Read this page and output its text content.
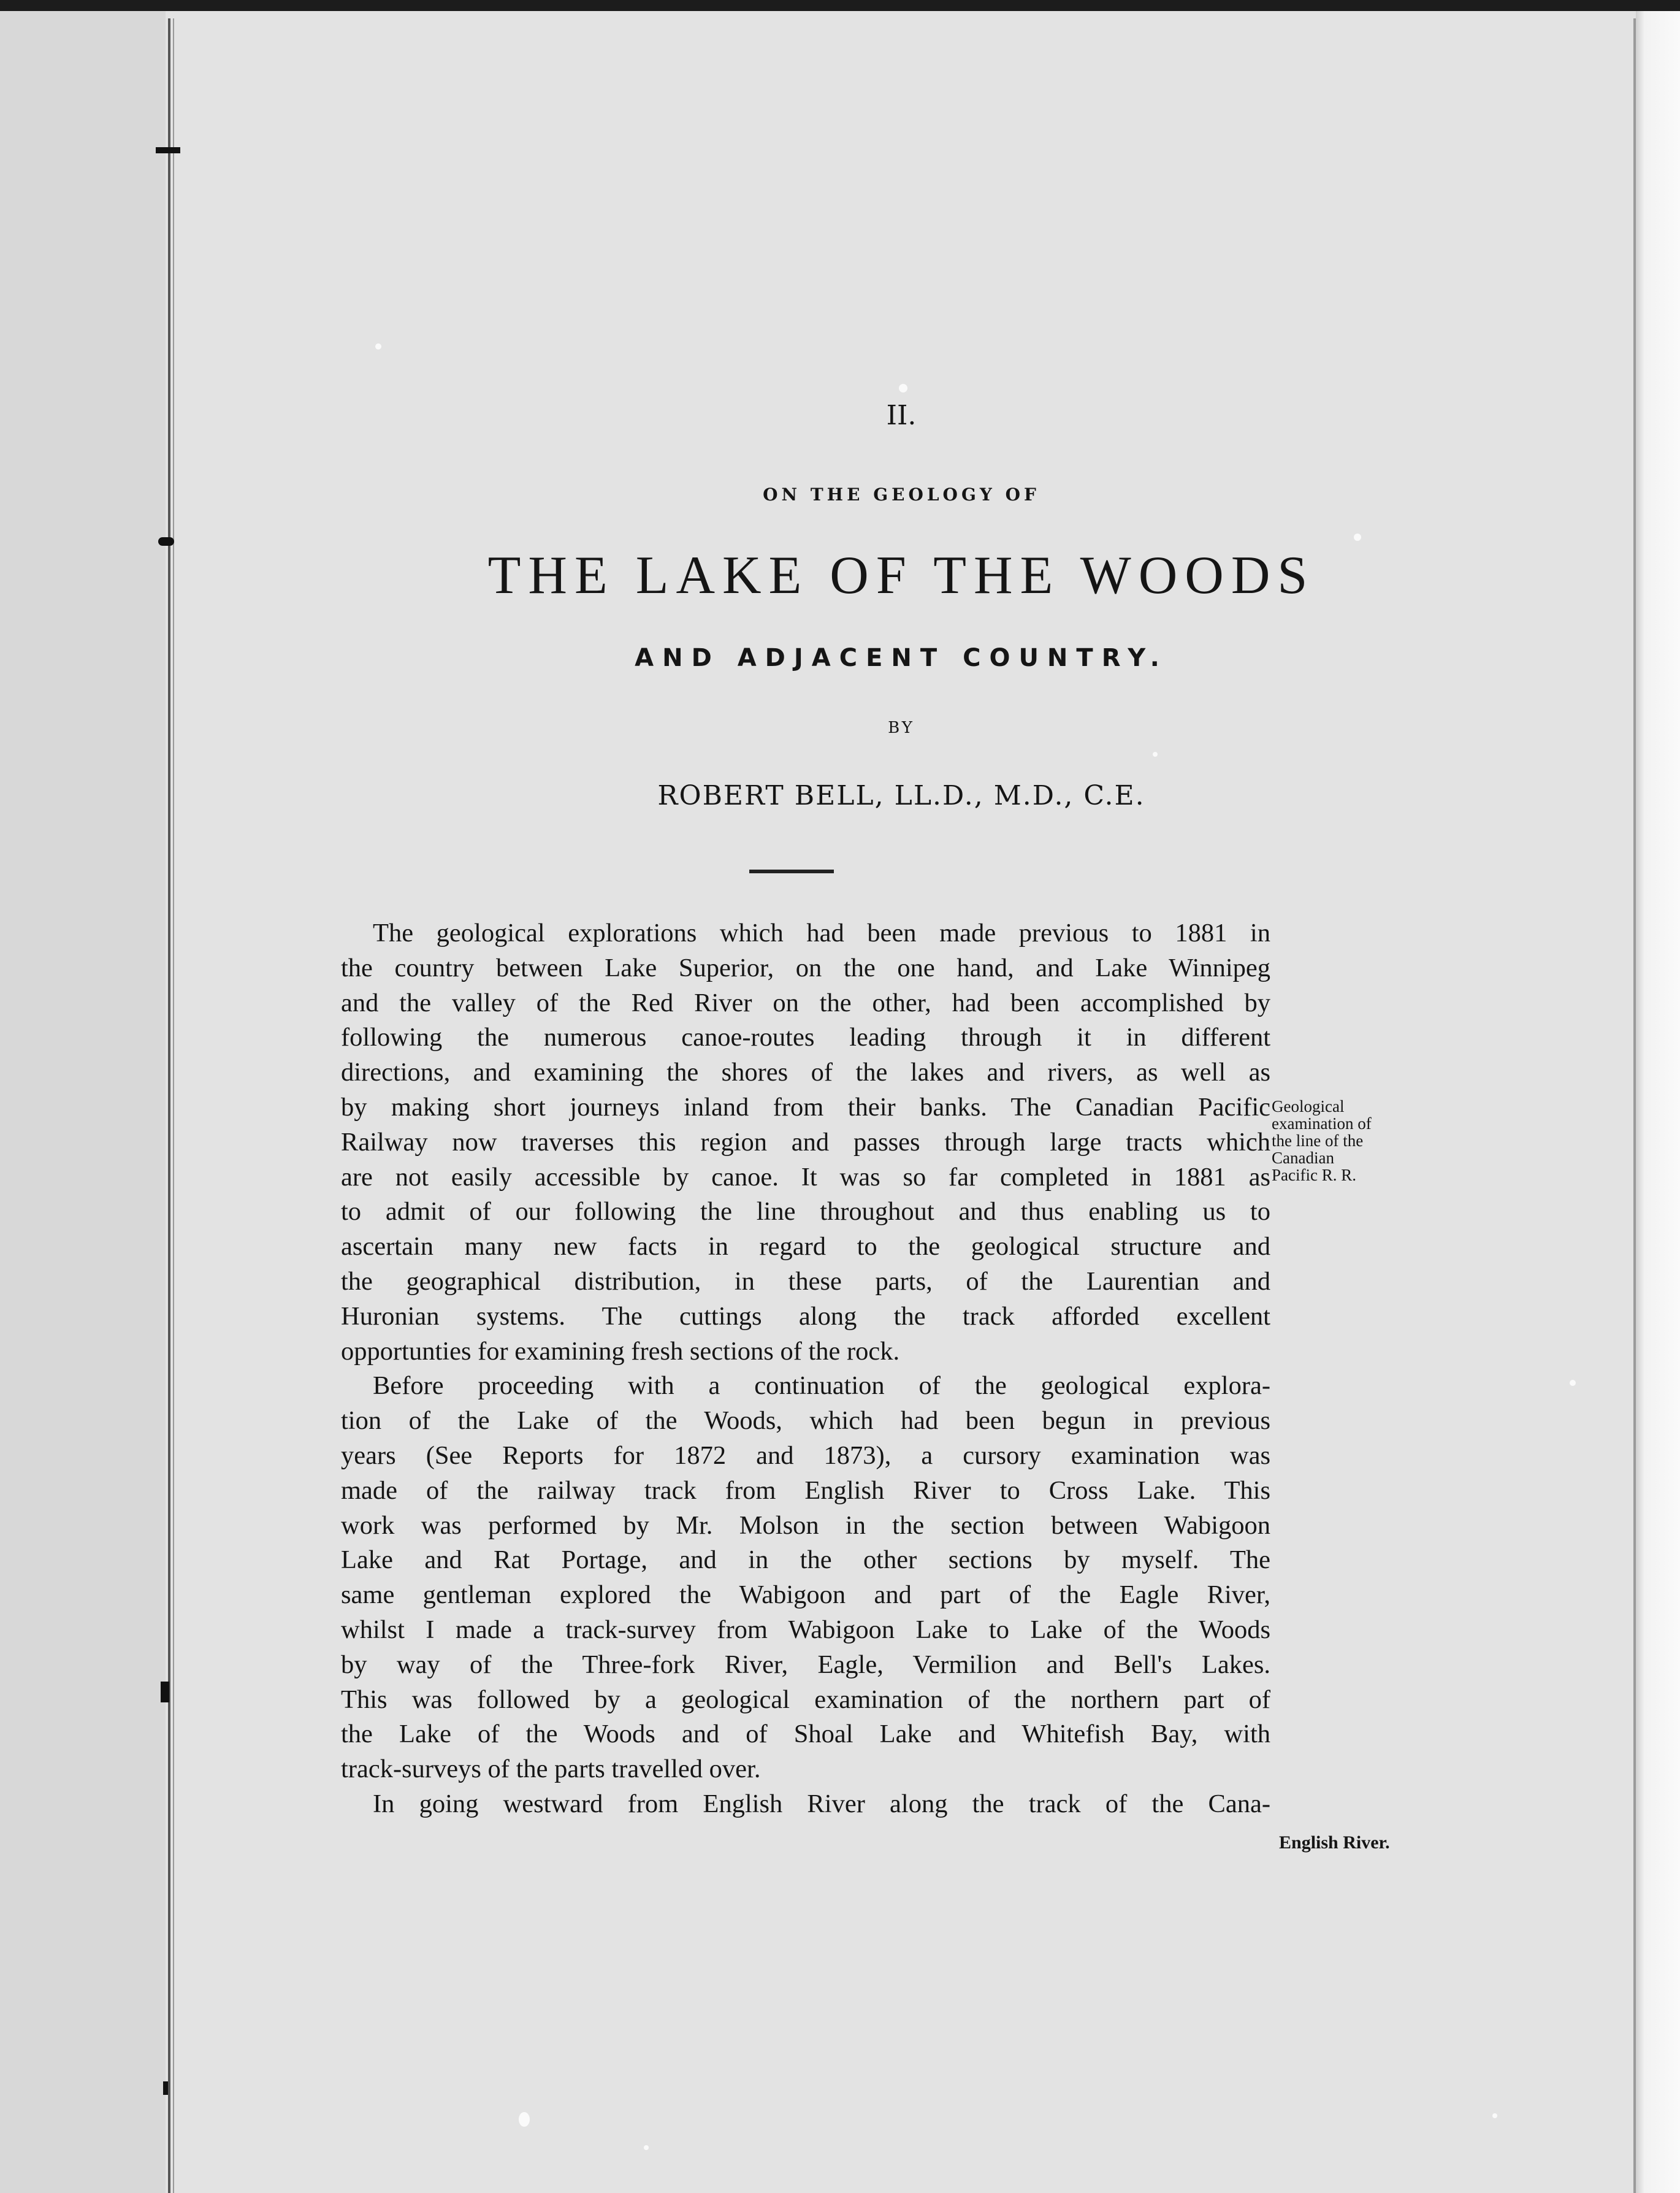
II.
ON THE GEOLOGY OF
THE LAKE OF THE WOODS
AND ADJACENT COUNTRY.
BY
ROBERT BELL, LL.D., M.D., C.E.
The geological explorations which had been made previous to 1881 in
the country between Lake Superior, on the one hand, and Lake Winnipeg
and the valley of the Red River on the other, had been accomplished by
following the numerous canoe-routes leading through it in different
directions, and examining the shores of the lakes and rivers, as well as
by making short journeys inland from their banks. The Canadian Pacific
Railway now traverses this region and passes through large tracts which
are not easily accessible by canoe. It was so far completed in 1881 as
to admit of our following the line throughout and thus enabling us to
ascertain many new facts in regard to the geological structure and
the geographical distribution, in these parts, of the Laurentian and
Huronian systems. The cuttings along the track afforded excellent
opportunties for examining fresh sections of the rock.
Before proceeding with a continuation of the geological explora-
tion of the Lake of the Woods, which had been begun in previous
years (See Reports for 1872 and 1873), a cursory examination was
made of the railway track from English River to Cross Lake. This
work was performed by Mr. Molson in the section between Wabigoon
Lake and Rat Portage, and in the other sections by myself. The
same gentleman explored the Wabigoon and part of the Eagle River,
whilst I made a track-survey from Wabigoon Lake to Lake of the Woods
by way of the Three-fork River, Eagle, Vermilion and Bell's Lakes.
This was followed by a geological examination of the northern part of
the Lake of the Woods and of Shoal Lake and Whitefish Bay, with
track-surveys of the parts travelled over.
In going westward from English River along the track of the Cana-
Geological
examination of
the line of the
Canadian
Pacific R. R.
English River.
